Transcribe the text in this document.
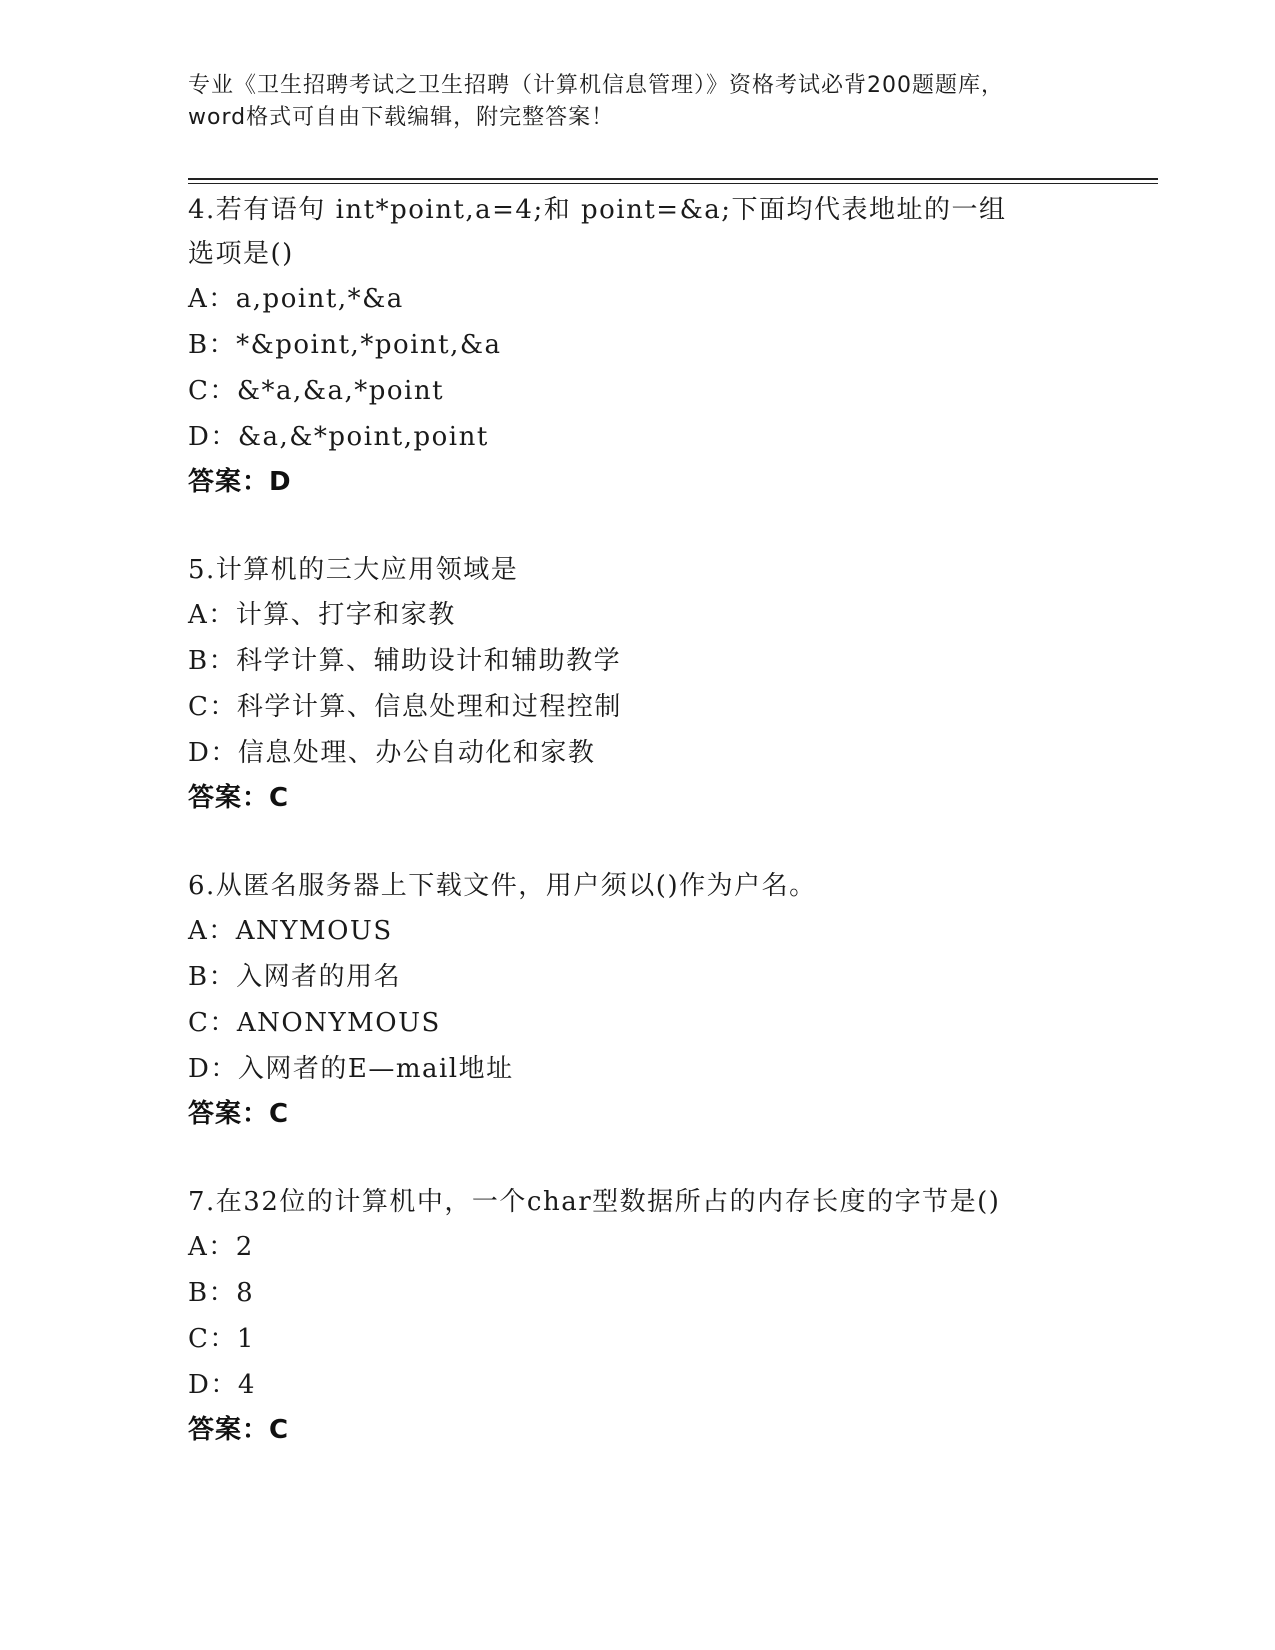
专业《卫生招聘考试之卫生招聘（计算机信息管理）》资格考试必背200题题库，
word格式可自由下载编辑，附完整答案！
4.若有语句 int*point,a=4;和 point=&a;下面均代表地址的一组选项是()
A：a,point,*&a
B：*&point,*point,&a
C：&*a,&a,*point
D：&a,&*point,point
答案：D
5.计算机的三大应用领域是
A：计算、打字和家教
B：科学计算、辅助设计和辅助教学
C：科学计算、信息处理和过程控制
D：信息处理、办公自动化和家教
答案：C
6.从匿名服务器上下载文件，用户须以()作为户名。
A：ANYMOUS
B：入网者的用名
C：ANONYMOUS
D：入网者的E—mail地址
答案：C
7.在32位的计算机中，一个char型数据所占的内存长度的字节是()
A：2
B：8
C：1
D：4
答案：C
